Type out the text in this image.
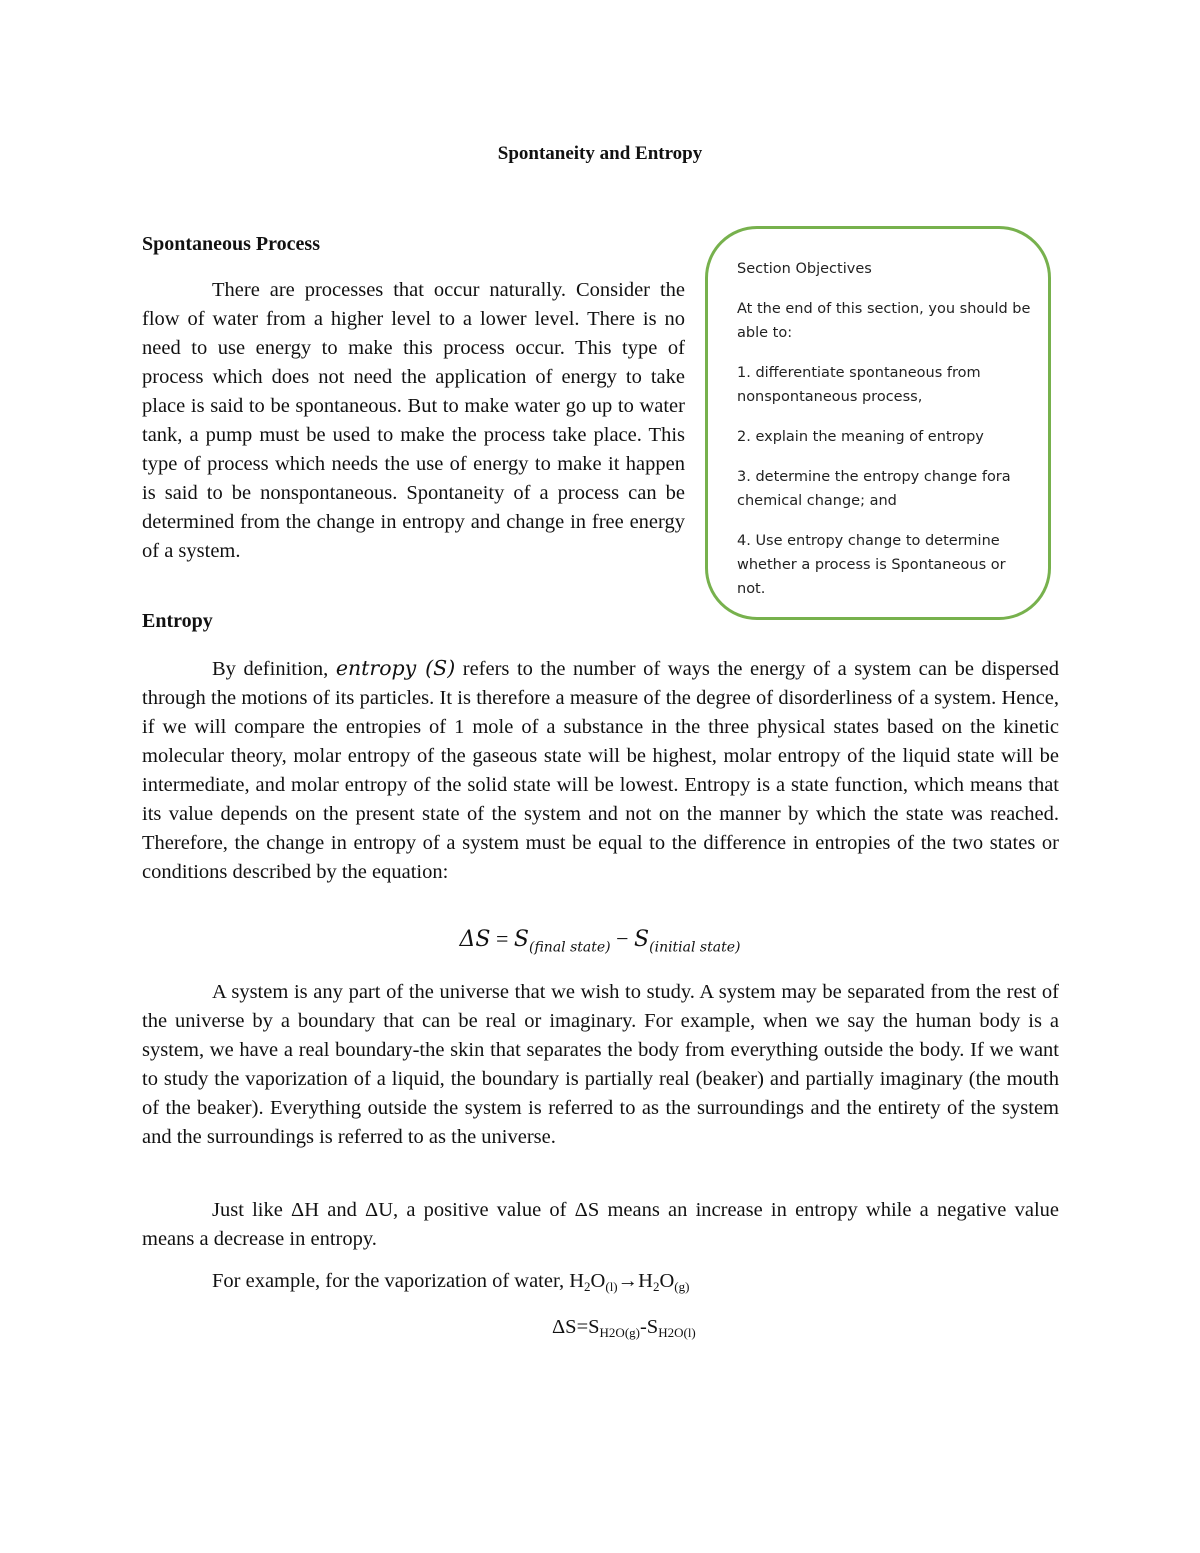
Spontaneity and Entropy
Spontaneous Process

There are processes that occur naturally. Consider the flow of water from a higher level to a lower level. There is no need to use energy to make this process occur. This type of process which does not need the application of energy to take place is said to be spontaneous. But to make water go up to water tank, a pump must be used to make the process take place. This type of process which needs the use of energy to make it happen is said to be nonspontaneous. Spontaneity of a process can be determined from the change in entropy and change in free energy of a system.

Section Objectives

At the end of this section, you should be able to:

1. differentiate spontaneous from nonspontaneous process,

2. explain the meaning of entropy

3. determine the entropy change fora chemical change; and

4. Use entropy change to determine whether a process is Spontaneous or not.

Entropy

By definition, entropy (S) refers to the number of ways the energy of a system can be dispersed through the motions of its particles. It is therefore a measure of the degree of disorderliness of a system. Hence, if we will compare the entropies of 1 mole of a substance in the three physical states based on the kinetic molecular theory, molar entropy of the gaseous state will be highest, molar entropy of the liquid state will be intermediate, and molar entropy of the solid state will be lowest. Entropy is a state function, which means that its value depends on the present state of the system and not on the manner by which the state was reached. Therefore, the change in entropy of a system must be equal to the difference in entropies of the two states or conditions described by the equation:

$\Delta S = S_{(final state)} - S_{(initial state)}$

A system is any part of the universe that we wish to study. A system may be separated from the rest of the universe by a boundary that can be real or imaginary. For example, when we say the human body is a system, we have a real boundary-the skin that separates the body from everything outside the body. If we want to study the vaporization of a liquid, the boundary is partially real (beaker) and partially imaginary (the mouth of the beaker). Everything outside the system is referred to as the surroundings and the entirety of the system and the surroundings is referred to as the universe.

Just like ΔH and ΔU, a positive value of ΔS means an increase in entropy while a negative value means a decrease in entropy.

For example, for the vaporization of water, $H_2O_{(l)}\to H_2O_{(g)}$
$\Delta S=S_{H2O(g)}-S_{H2O(l)}$
